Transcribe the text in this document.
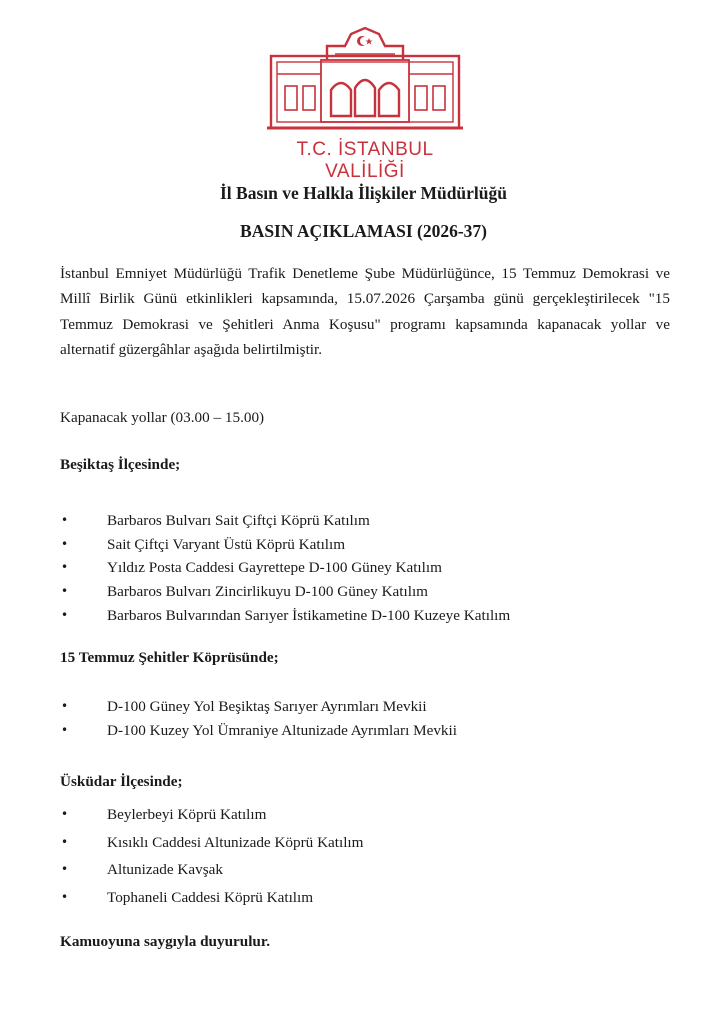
T.C. İSTANBUL VALİLİĞİ
İl Basın ve Halkla İlişkiler Müdürlüğü
BASIN AÇIKLAMASI (2026-37)

İstanbul Emniyet Müdürlüğü Trafik Denetleme Şube Müdürlüğünce, 15 Temmuz Demokrasi ve Millî Birlik Günü etkinlikleri kapsamında, 15.07.2026 Çarşamba günü gerçekleştirilecek "15 Temmuz Demokrasi ve Şehitleri Anma Koşusu" programı kapsamında kapanacak yollar ve alternatif güzergâhlar aşağıda belirtilmiştir.

Kapanacak yollar (03.00 – 15.00)

Beşiktaş İlçesinde;

•	Barbaros Bulvarı Sait Çiftçi Köprü Katılım
•	Sait Çiftçi Varyant Üstü Köprü Katılım
•	Yıldız Posta Caddesi Gayrettepe D-100 Güney Katılım
•	Barbaros Bulvarı Zincirlikuyu D-100 Güney Katılım
•	Barbaros Bulvarından Sarıyer İstikametine D-100 Kuzeye Katılım

15 Temmuz Şehitler Köprüsünde;

•	D-100 Güney Yol Beşiktaş Sarıyer Ayrımları Mevkii
•	D-100 Kuzey Yol Ümraniye Altunizade Ayrımları Mevkii

Üsküdar İlçesinde;

•	Beylerbeyi Köprü Katılım
•	Kısıklı Caddesi Altunizade Köprü Katılım
•	Altunizade Kavşak
•	Tophaneli Caddesi Köprü Katılım

Kamuoyuna saygıyla duyurulur.
